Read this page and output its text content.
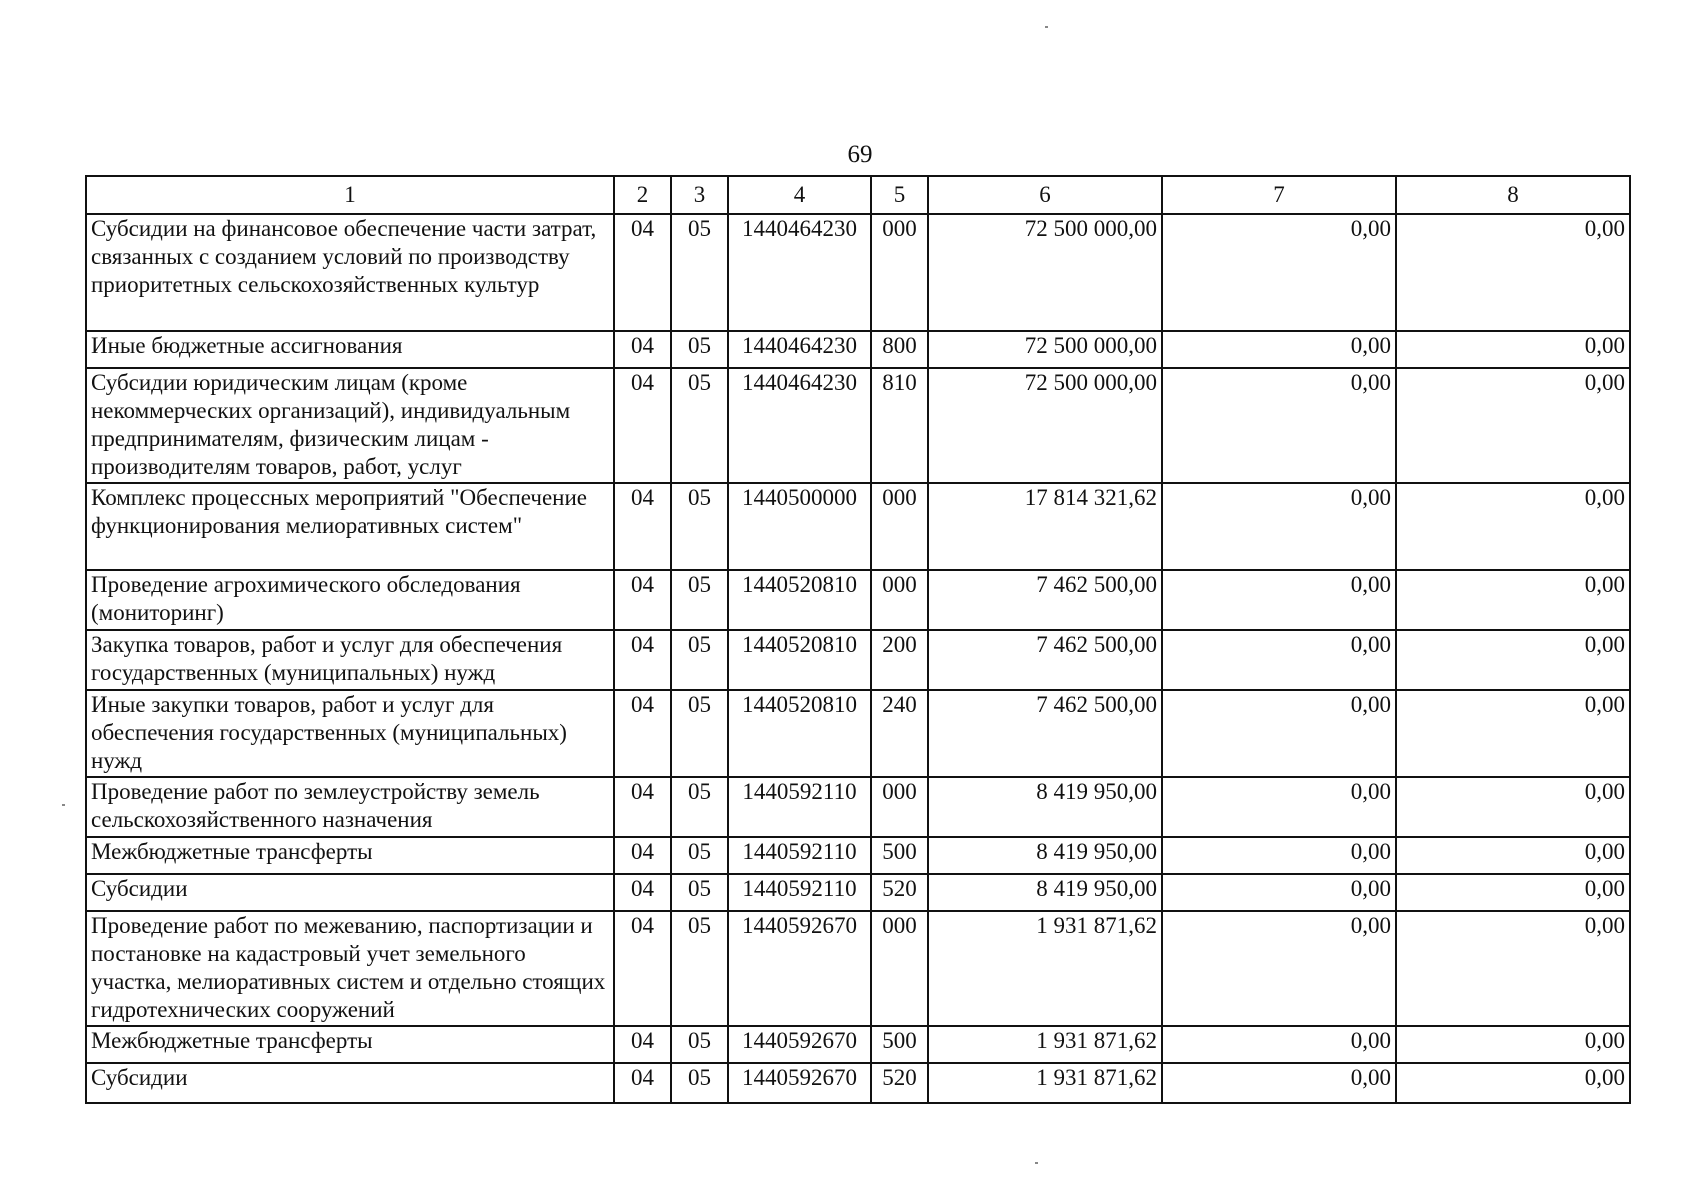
69
1	2	3	4	5	6	7	8
Субсидии на финансовое обеспечение части затрат, связанных с созданием условий по производству приоритетных сельскохозяйственных культур	04	05	1440464230	000	72 500 000,00	0,00	0,00
Иные бюджетные ассигнования	04	05	1440464230	800	72 500 000,00	0,00	0,00
Субсидии юридическим лицам (кроме некоммерческих организаций), индивидуальным предпринимателям, физическим лицам - производителям товаров, работ, услуг	04	05	1440464230	810	72 500 000,00	0,00	0,00
Комплекс процессных мероприятий "Обеспечение функционирования мелиоративных систем"	04	05	1440500000	000	17 814 321,62	0,00	0,00
Проведение агрохимического обследования (мониторинг)	04	05	1440520810	000	7 462 500,00	0,00	0,00
Закупка товаров, работ и услуг для обеспечения государственных (муниципальных) нужд	04	05	1440520810	200	7 462 500,00	0,00	0,00
Иные закупки товаров, работ и услуг для обеспечения государственных (муниципальных) нужд	04	05	1440520810	240	7 462 500,00	0,00	0,00
Проведение работ по землеустройству земель сельскохозяйственного назначения	04	05	1440592110	000	8 419 950,00	0,00	0,00
Межбюджетные трансферты	04	05	1440592110	500	8 419 950,00	0,00	0,00
Субсидии	04	05	1440592110	520	8 419 950,00	0,00	0,00
Проведение работ по межеванию, паспортизации и постановке на кадастровый учет земельного участка, мелиоративных систем и отдельно стоящих гидротехнических сооружений	04	05	1440592670	000	1 931 871,62	0,00	0,00
Межбюджетные трансферты	04	05	1440592670	500	1 931 871,62	0,00	0,00
Субсидии	04	05	1440592670	520	1 931 871,62	0,00	0,00
